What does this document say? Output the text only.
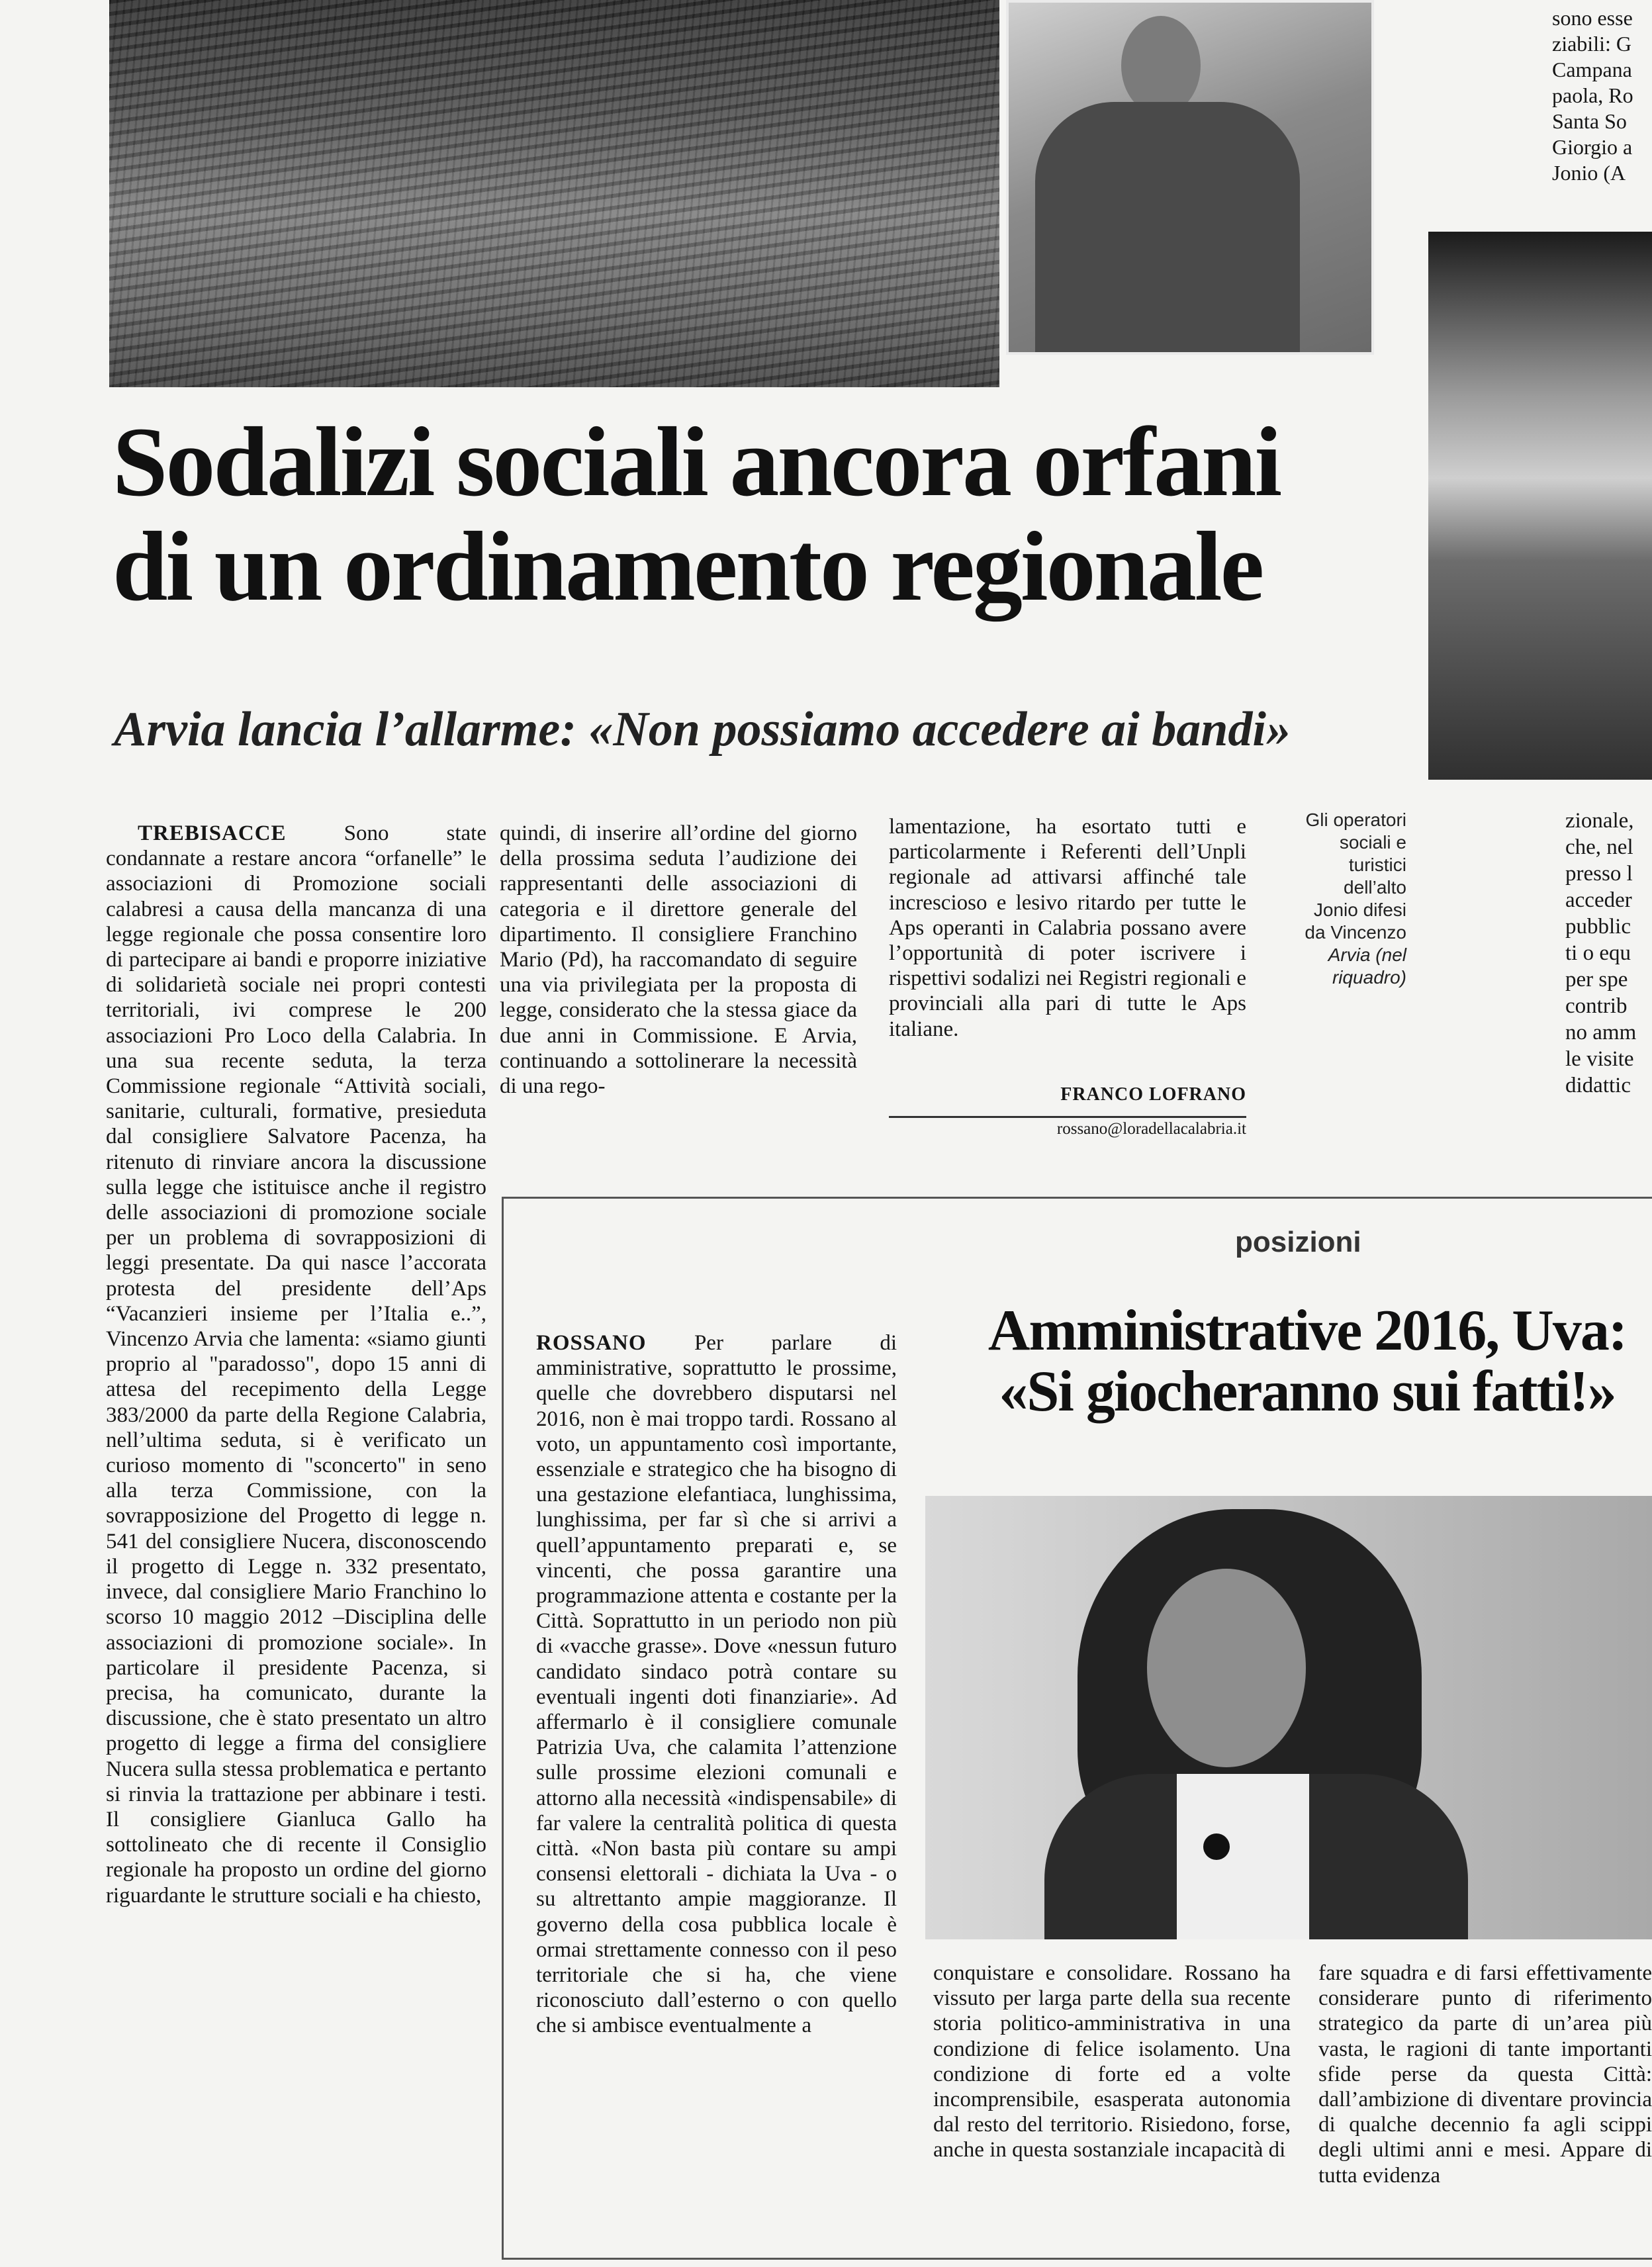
sono esse
ziabili: G
Campana
paola, Ro
Santa So
Giorgio a
Jonio (A
Sodalizi sociali ancora orfani
di un ordinamento regionale
Arvia lancia l’allarme: «Non possiamo accedere ai bandi»

TREBISACCE	Sono state condannate a restare ancora “orfanelle” le associazioni di Promozione sociali calabresi a causa della mancanza di una legge regionale che possa consentire loro di partecipare ai bandi e proporre iniziative di solidarietà sociale nei propri contesti territoriali, ivi comprese le 200 associazioni Pro Loco della Calabria. In una sua recente seduta, la terza Commissione regionale “Attività sociali, sanitarie, culturali, formative, presieduta dal consigliere Salvatore Pacenza, ha ritenuto di rinviare ancora la discussione sulla legge che istituisce anche il registro delle associazioni di promozione sociale per un problema di sovrapposizioni di leggi presentate. Da qui nasce l’accorata protesta del presidente dell’Aps “Vacanzieri insieme per l’Italia e..”, Vincenzo Arvia che lamenta: «siamo giunti proprio al "paradosso", dopo 15 anni di attesa del recepimento della Legge 383/2000 da parte della Regione Calabria, nell’ultima seduta, si è verificato un curioso momento di "sconcerto" in seno alla terza Commissione, con la sovrapposizione del Progetto di legge n. 541 del consigliere Nucera, disconoscendo il progetto di Legge n. 332 presentato, invece, dal consigliere Mario Franchino lo scorso 10 maggio 2012 –Disciplina delle associazioni di promozione sociale». In particolare il presidente Pacenza, si precisa, ha comunicato, durante la discussione, che è stato presentato un altro progetto di legge a firma del consigliere Nucera sulla stessa problematica e pertanto si rinvia la trattazione per abbinare i testi. Il consigliere Gianluca Gallo ha sottolineato che di recente il Consiglio regionale ha proposto un ordine del giorno riguardante le strutture sociali e ha chiesto,

quindi, di inserire all’ordine del giorno della prossima seduta l’audizione dei rappresentanti delle associazioni di categoria e il direttore generale del dipartimento. Il consigliere Franchino Mario (Pd), ha raccomandato di seguire una via privilegiata per la proposta di legge, considerato che la stessa giace da due anni in Commissione. E Arvia, continuando a sottolinerare la necessità di una rego-

lamentazione, ha esortato tutti e particolarmente i Referenti dell’Unpli regionale ad attivarsi affinché tale increscioso e lesivo ritardo per tutte le Aps operanti in Calabria possano avere l’opportunità di poter iscrivere i rispettivi sodalizi nei Registri regionali e provinciali alla pari di tutte le Aps italiane.

FRANCO LOFRANO
rossano@loradellacalabria.it
Gli operatori
sociali e
turistici
dell’alto
Jonio difesi
da Vincenzo
Arvia (nel
riquadro)
zionale,
che, nel
presso l
acceder
pubblic
ti o equ
per spe
contrib
no amm
le visite
didattic
posizioni
Amministrative 2016, Uva:
«Si giocheranno sui fatti!»

ROSSANO Per parlare di amministrative, soprattutto le prossime, quelle che dovrebbero disputarsi nel 2016, non è mai troppo tardi. Rossano al voto, un appuntamento così importante, essenziale e strategico che ha bisogno di una gestazione elefantiaca, lunghissima, lunghissima, per far sì che si arrivi a quell’appuntamento preparati e, se vincenti, che possa garantire una programmazione attenta e costante per la Città. Soprattutto in un periodo non più di «vacche grasse». Dove «nessun futuro candidato sindaco potrà contare su eventuali ingenti doti finanziarie». Ad affermarlo è il consigliere comunale Patrizia Uva, che calamita l’attenzione sulle prossime elezioni comunali e attorno alla necessità «indispensabile» di far valere la centralità politica di questa città. «Non basta più contare su ampi consensi elettorali - dichiata la Uva - o su altrettanto ampie maggioranze. Il governo della cosa pubblica locale è ormai strettamente connesso con il peso territoriale che si ha, che viene riconosciuto dall’esterno o con quello che si ambisce eventualmente a

conquistare e consolidare. Rossano ha vissuto per larga parte della sua recente storia politico-amministrativa in una condizione di felice isolamento. Una condizione di forte ed a volte incomprensibile, esasperata autonomia dal resto del territorio. Risiedono, forse, anche in questa sostanziale incapacità di

fare squadra e di farsi effettivamente considerare punto di riferimento strategico da parte di un’area più vasta, le ragioni di tante importanti sfide perse da questa Città: dall’ambizione di diventare provincia di qualche decennio fa agli scippi degli ultimi anni e mesi. Appare di tutta evidenza
